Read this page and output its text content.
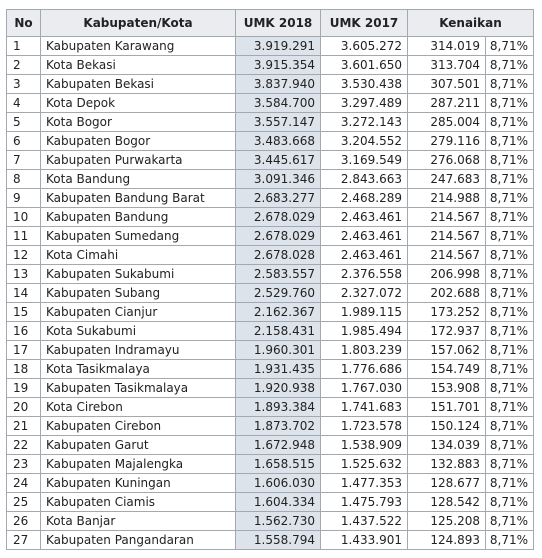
No	Kabupaten/Kota	UMK 2018	UMK 2017	Kenaikan	
1	Kabupaten Karawang	3.919.291	3.605.272	314.019	8,71%
2	Kota Bekasi	3.915.354	3.601.650	313.704	8,71%
3	Kabupaten Bekasi	3.837.940	3.530.438	307.501	8,71%
4	Kota Depok	3.584.700	3.297.489	287.211	8,71%
5	Kota Bogor	3.557.147	3.272.143	285.004	8,71%
6	Kabupaten Bogor	3.483.668	3.204.552	279.116	8,71%
7	Kabupaten Purwakarta	3.445.617	3.169.549	276.068	8,71%
8	Kota Bandung	3.091.346	2.843.663	247.683	8,71%
9	Kabupaten Bandung Barat	2.683.277	2.468.289	214.988	8,71%
10	Kabupaten Bandung	2.678.029	2.463.461	214.567	8,71%
11	Kabupaten Sumedang	2.678.029	2.463.461	214.567	8,71%
12	Kota Cimahi	2.678.028	2.463.461	214.567	8,71%
13	Kabupaten Sukabumi	2.583.557	2.376.558	206.998	8,71%
14	Kabupaten Subang	2.529.760	2.327.072	202.688	8,71%
15	Kabupaten Cianjur	2.162.367	1.989.115	173.252	8,71%
16	Kota Sukabumi	2.158.431	1.985.494	172.937	8,71%
17	Kabupaten Indramayu	1.960.301	1.803.239	157.062	8,71%
18	Kota Tasikmalaya	1.931.435	1.776.686	154.749	8,71%
19	Kabupaten Tasikmalaya	1.920.938	1.767.030	153.908	8,71%
20	Kota Cirebon	1.893.384	1.741.683	151.701	8,71%
21	Kabupaten Cirebon	1.873.702	1.723.578	150.124	8,71%
22	Kabupaten Garut	1.672.948	1.538.909	134.039	8,71%
23	Kabupaten Majalengka	1.658.515	1.525.632	132.883	8,71%
24	Kabupaten Kuningan	1.606.030	1.477.353	128.677	8,71%
25	Kabupaten Ciamis	1.604.334	1.475.793	128.542	8,71%
26	Kota Banjar	1.562.730	1.437.522	125.208	8,71%
27	Kabupaten Pangandaran	1.558.794	1.433.901	124.893	8,71%
